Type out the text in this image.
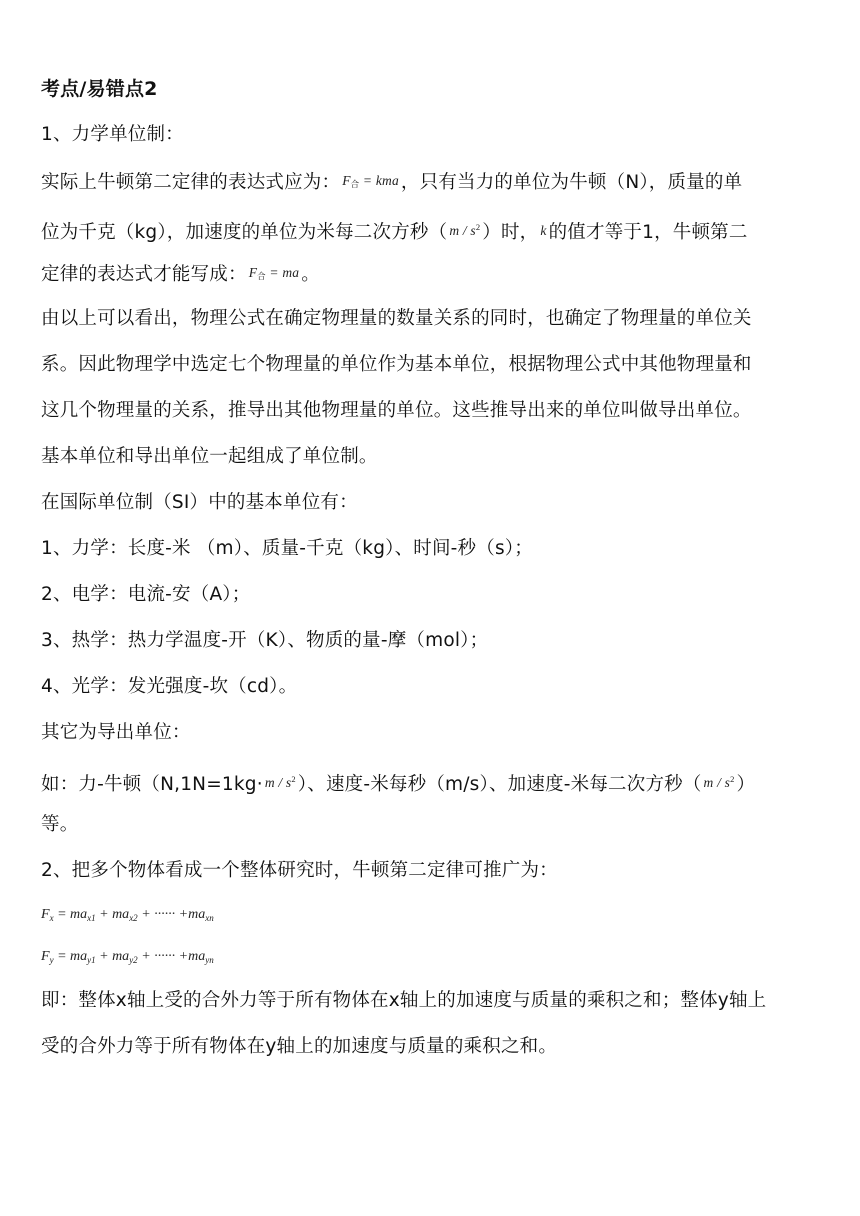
考点/易错点2
1、力学单位制：
实际上牛顿第二定律的表达式应为： $F_合$ = kma ，只有当力的单位为牛顿（N），质量的单
位为千克（kg），加速度的单位为米每二次方秒（ m / $s^2$ ）时， k 的值才等于1，牛顿第二
定律的表达式才能写成： $F_合$ = ma 。
由以上可以看出，物理公式在确定物理量的数量关系的同时，也确定了物理量的单位关
系。因此物理学中选定七个物理量的单位作为基本单位，根据物理公式中其他物理量和
这几个物理量的关系，推导出其他物理量的单位。这些推导出来的单位叫做导出单位。
基本单位和导出单位一起组成了单位制。
在国际单位制（SI）中的基本单位有：
1、力学：长度-米 （m）、质量-千克（kg）、时间-秒（s）；
2、电学：电流-安（A）；
3、热学：热力学温度-开（K）、物质的量-摩（mol）；
4、光学：发光强度-坎（cd）。
其它为导出单位：
如：力-牛顿（$N,1N=1kg\cdot m / s^2$ ）、速度-米每秒（m/s）、加速度-米每二次方秒（ m / $s^2$ ）
等。
2、把多个物体看成一个整体研究时，牛顿第二定律可推广为：
$F_x = ma_{x1} + ma_{x2}$ + ······ $+ma_{xn}$
$F_y = ma_{y1} + ma_{y2}$ + ······ $+ma_{yn}$
即：整体x轴上受的合外力等于所有物体在x轴上的加速度与质量的乘积之和；整体y轴上
受的合外力等于所有物体在y轴上的加速度与质量的乘积之和。
